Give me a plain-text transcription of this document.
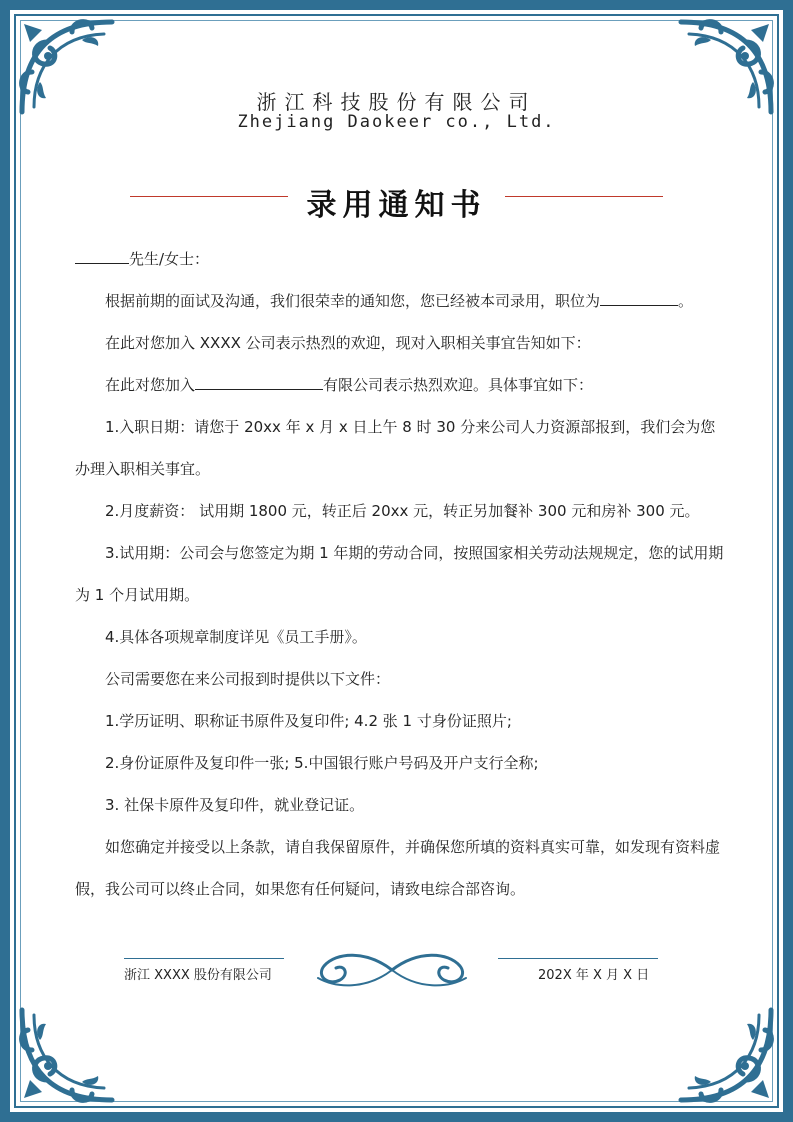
浙江科技股份有限公司
Zhejiang Daokeer co., Ltd.
录用通知书

先生/女士：

根据前期的面试及沟通，我们很荣幸的通知您，您已经被本司录用，职位为	。

在此对您加入 XXXX 公司表示热烈的欢迎，现对入职相关事宜告知如下：

在此对您加入	有限公司表示热烈欢迎。具体事宜如下：

1.入职日期：请您于 20xx 年 x 月 x 日上午 8 时 30 分来公司人力资源部报到，我们会为您办理入职相关事宜。

2.月度薪资： 试用期 1800 元，转正后 20xx 元，转正另加餐补 300 元和房补 300 元。

3.试用期：公司会与您签定为期 1 年期的劳动合同，按照国家相关劳动法规规定，您的试用期为 1 个月试用期。

4.具体各项规章制度详见《员工手册》。

公司需要您在来公司报到时提供以下文件：

1.学历证明、职称证书原件及复印件; 4.2 张 1 寸身份证照片;

2.身份证原件及复印件一张; 5.中国银行账户号码及开户支行全称;

3. 社保卡原件及复印件，就业登记证。

如您确定并接受以上条款，请自我保留原件，并确保您所填的资料真实可靠，如发现有资料虚假，我公司可以终止合同，如果您有任何疑问，请致电综合部咨询。

浙江 XXXX 股份有限公司	202X 年 X 月 X 日
